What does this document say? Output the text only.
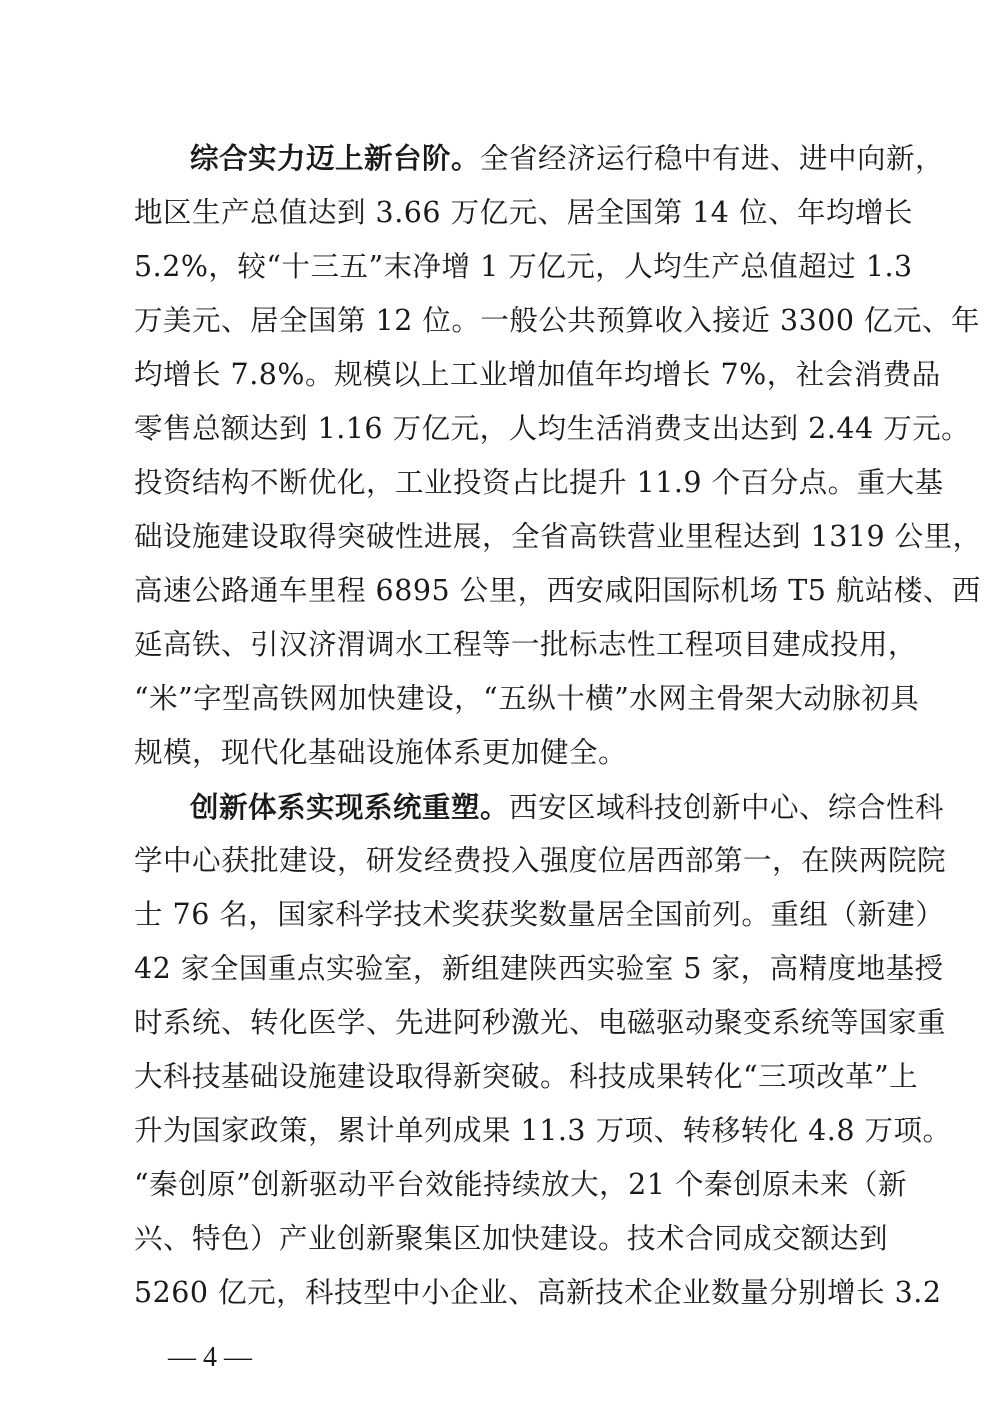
综合实力迈上新台阶。全省经济运行稳中有进、进中向新，
地区生产总值达到 3.66 万亿元、居全国第 14 位、年均增长
5.2%，较“十三五”末净增 1 万亿元，人均生产总值超过 1.3
万美元、居全国第 12 位。一般公共预算收入接近 3300 亿元、年
均增长 7.8%。规模以上工业增加值年均增长 7%，社会消费品
零售总额达到 1.16 万亿元，人均生活消费支出达到 2.44 万元。
投资结构不断优化，工业投资占比提升 11.9 个百分点。重大基
础设施建设取得突破性进展，全省高铁营业里程达到 1319 公里，
高速公路通车里程 6895 公里，西安咸阳国际机场 T5 航站楼、西
延高铁、引汉济渭调水工程等一批标志性工程项目建成投用，
“米”字型高铁网加快建设，“五纵十横”水网主骨架大动脉初具
规模，现代化基础设施体系更加健全。
创新体系实现系统重塑。西安区域科技创新中心、综合性科
学中心获批建设，研发经费投入强度位居西部第一，在陕两院院
士 76 名，国家科学技术奖获奖数量居全国前列。重组（新建）
42 家全国重点实验室，新组建陕西实验室 5 家，高精度地基授
时系统、转化医学、先进阿秒激光、电磁驱动聚变系统等国家重
大科技基础设施建设取得新突破。科技成果转化“三项改革”上
升为国家政策，累计单列成果 11.3 万项、转移转化 4.8 万项。
“秦创原”创新驱动平台效能持续放大，21 个秦创原未来（新
兴、特色）产业创新聚集区加快建设。技术合同成交额达到
5260 亿元，科技型中小企业、高新技术企业数量分别增长 3.2
— 4 —
